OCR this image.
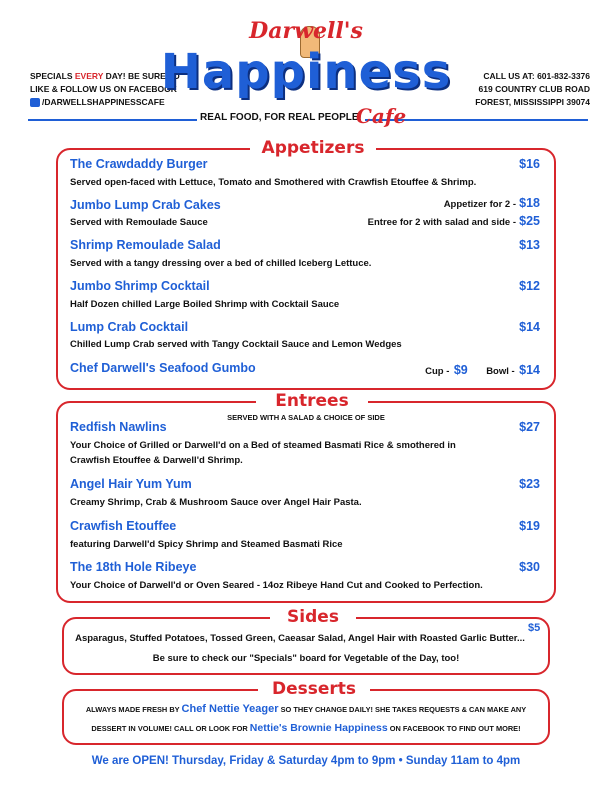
SPECIALS EVERY DAY! BE SURE TO
LIKE & FOLLOW US ON FACEBOOK
/DARWELLSHAPPINESSCAFE
CALL US AT: 601-832-3376
619 COUNTRY CLUB ROAD
FOREST, MISSISSIPPI 39074
Darwell's
Happiness
REAL FOOD, FOR REAL PEOPLE!
Cafe
Appetizers
The Crawdaddy Burger	$16
Served open-faced with Lettuce, Tomato and Smothered with Crawfish Etouffee & Shrimp.
Jumbo Lump Crab Cakes
Served with Remoulade Sauce
Appetizer for 2 - $18
Entree for 2 with salad and side - $25
Shrimp Remoulade Salad	$13
Served with a tangy dressing over a bed of chilled Iceberg Lettuce.
Jumbo Shrimp Cocktail	$12
Half Dozen chilled Large Boiled Shrimp with Cocktail Sauce
Lump Crab Cocktail	$14
Chilled Lump Crab served with Tangy Cocktail Sauce and Lemon Wedges
Chef Darwell's Seafood Gumbo	Cup - $9 Bowl - $14
Entrees
SERVED WITH A SALAD & CHOICE OF SIDE
Redfish Nawlins	$27
Your Choice of Grilled or Darwell'd on a Bed of steamed Basmati Rice & smothered in
Crawfish Etouffee & Darwell'd Shrimp.
Angel Hair Yum Yum	$23
Creamy Shrimp, Crab & Mushroom Sauce over Angel Hair Pasta.
Crawfish Etouffee	$19
featuring Darwell'd Spicy Shrimp and Steamed Basmati Rice
The 18th Hole Ribeye	$30
Your Choice of Darwell'd or Oven Seared - 14oz Ribeye Hand Cut and Cooked to Perfection.
Sides
Asparagus, Stuffed Potatoes, Tossed Green, Caeasar Salad, Angel Hair with Roasted Garlic Butter...
$5
Be sure to check our "Specials" board for Vegetable of the Day, too!
Desserts
ALWAYS MADE FRESH BY Chef Nettie Yeager SO THEY CHANGE DAILY! SHE TAKES REQUESTS & CAN MAKE ANY
DESSERT IN VOLUME! CALL OR LOOK FOR Nettie's Brownie Happiness ON FACEBOOK TO FIND OUT MORE!
We are OPEN! Thursday, Friday & Saturday 4pm to 9pm • Sunday 11am to 4pm
